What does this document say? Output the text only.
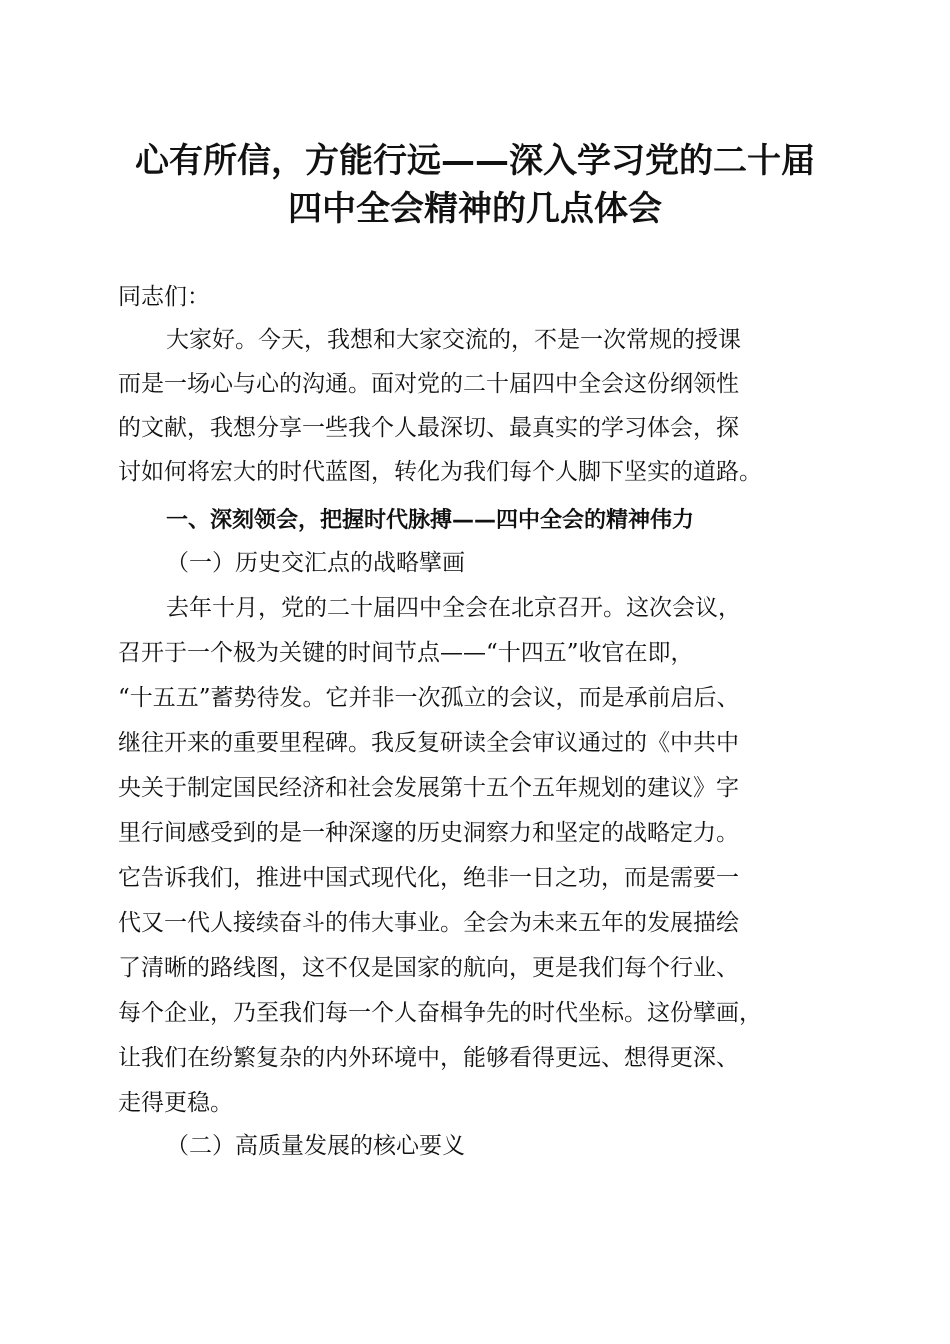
心有所信，方能行远——深入学习党的二十届
四中全会精神的几点体会

同志们：

大家好。今天，我想和大家交流的，不是一次常规的授课

而是一场心与心的沟通。面对党的二十届四中全会这份纲领性

的文献，我想分享一些我个人最深切、最真实的学习体会，探

讨如何将宏大的时代蓝图，转化为我们每个人脚下坚实的道路。

一、深刻领会，把握时代脉搏——四中全会的精神伟力

（一）历史交汇点的战略擘画

去年十月，党的二十届四中全会在北京召开。这次会议，

召开于一个极为关键的时间节点——“十四五”收官在即，

“十五五”蓄势待发。它并非一次孤立的会议，而是承前启后、

继往开来的重要里程碑。我反复研读全会审议通过的《中共中

央关于制定国民经济和社会发展第十五个五年规划的建议》字

里行间感受到的是一种深邃的历史洞察力和坚定的战略定力。

它告诉我们，推进中国式现代化，绝非一日之功，而是需要一

代又一代人接续奋斗的伟大事业。全会为未来五年的发展描绘

了清晰的路线图，这不仅是国家的航向，更是我们每个行业、

每个企业，乃至我们每一个人奋楫争先的时代坐标。这份擘画，

让我们在纷繁复杂的内外环境中，能够看得更远、想得更深、

走得更稳。

（二）高质量发展的核心要义
